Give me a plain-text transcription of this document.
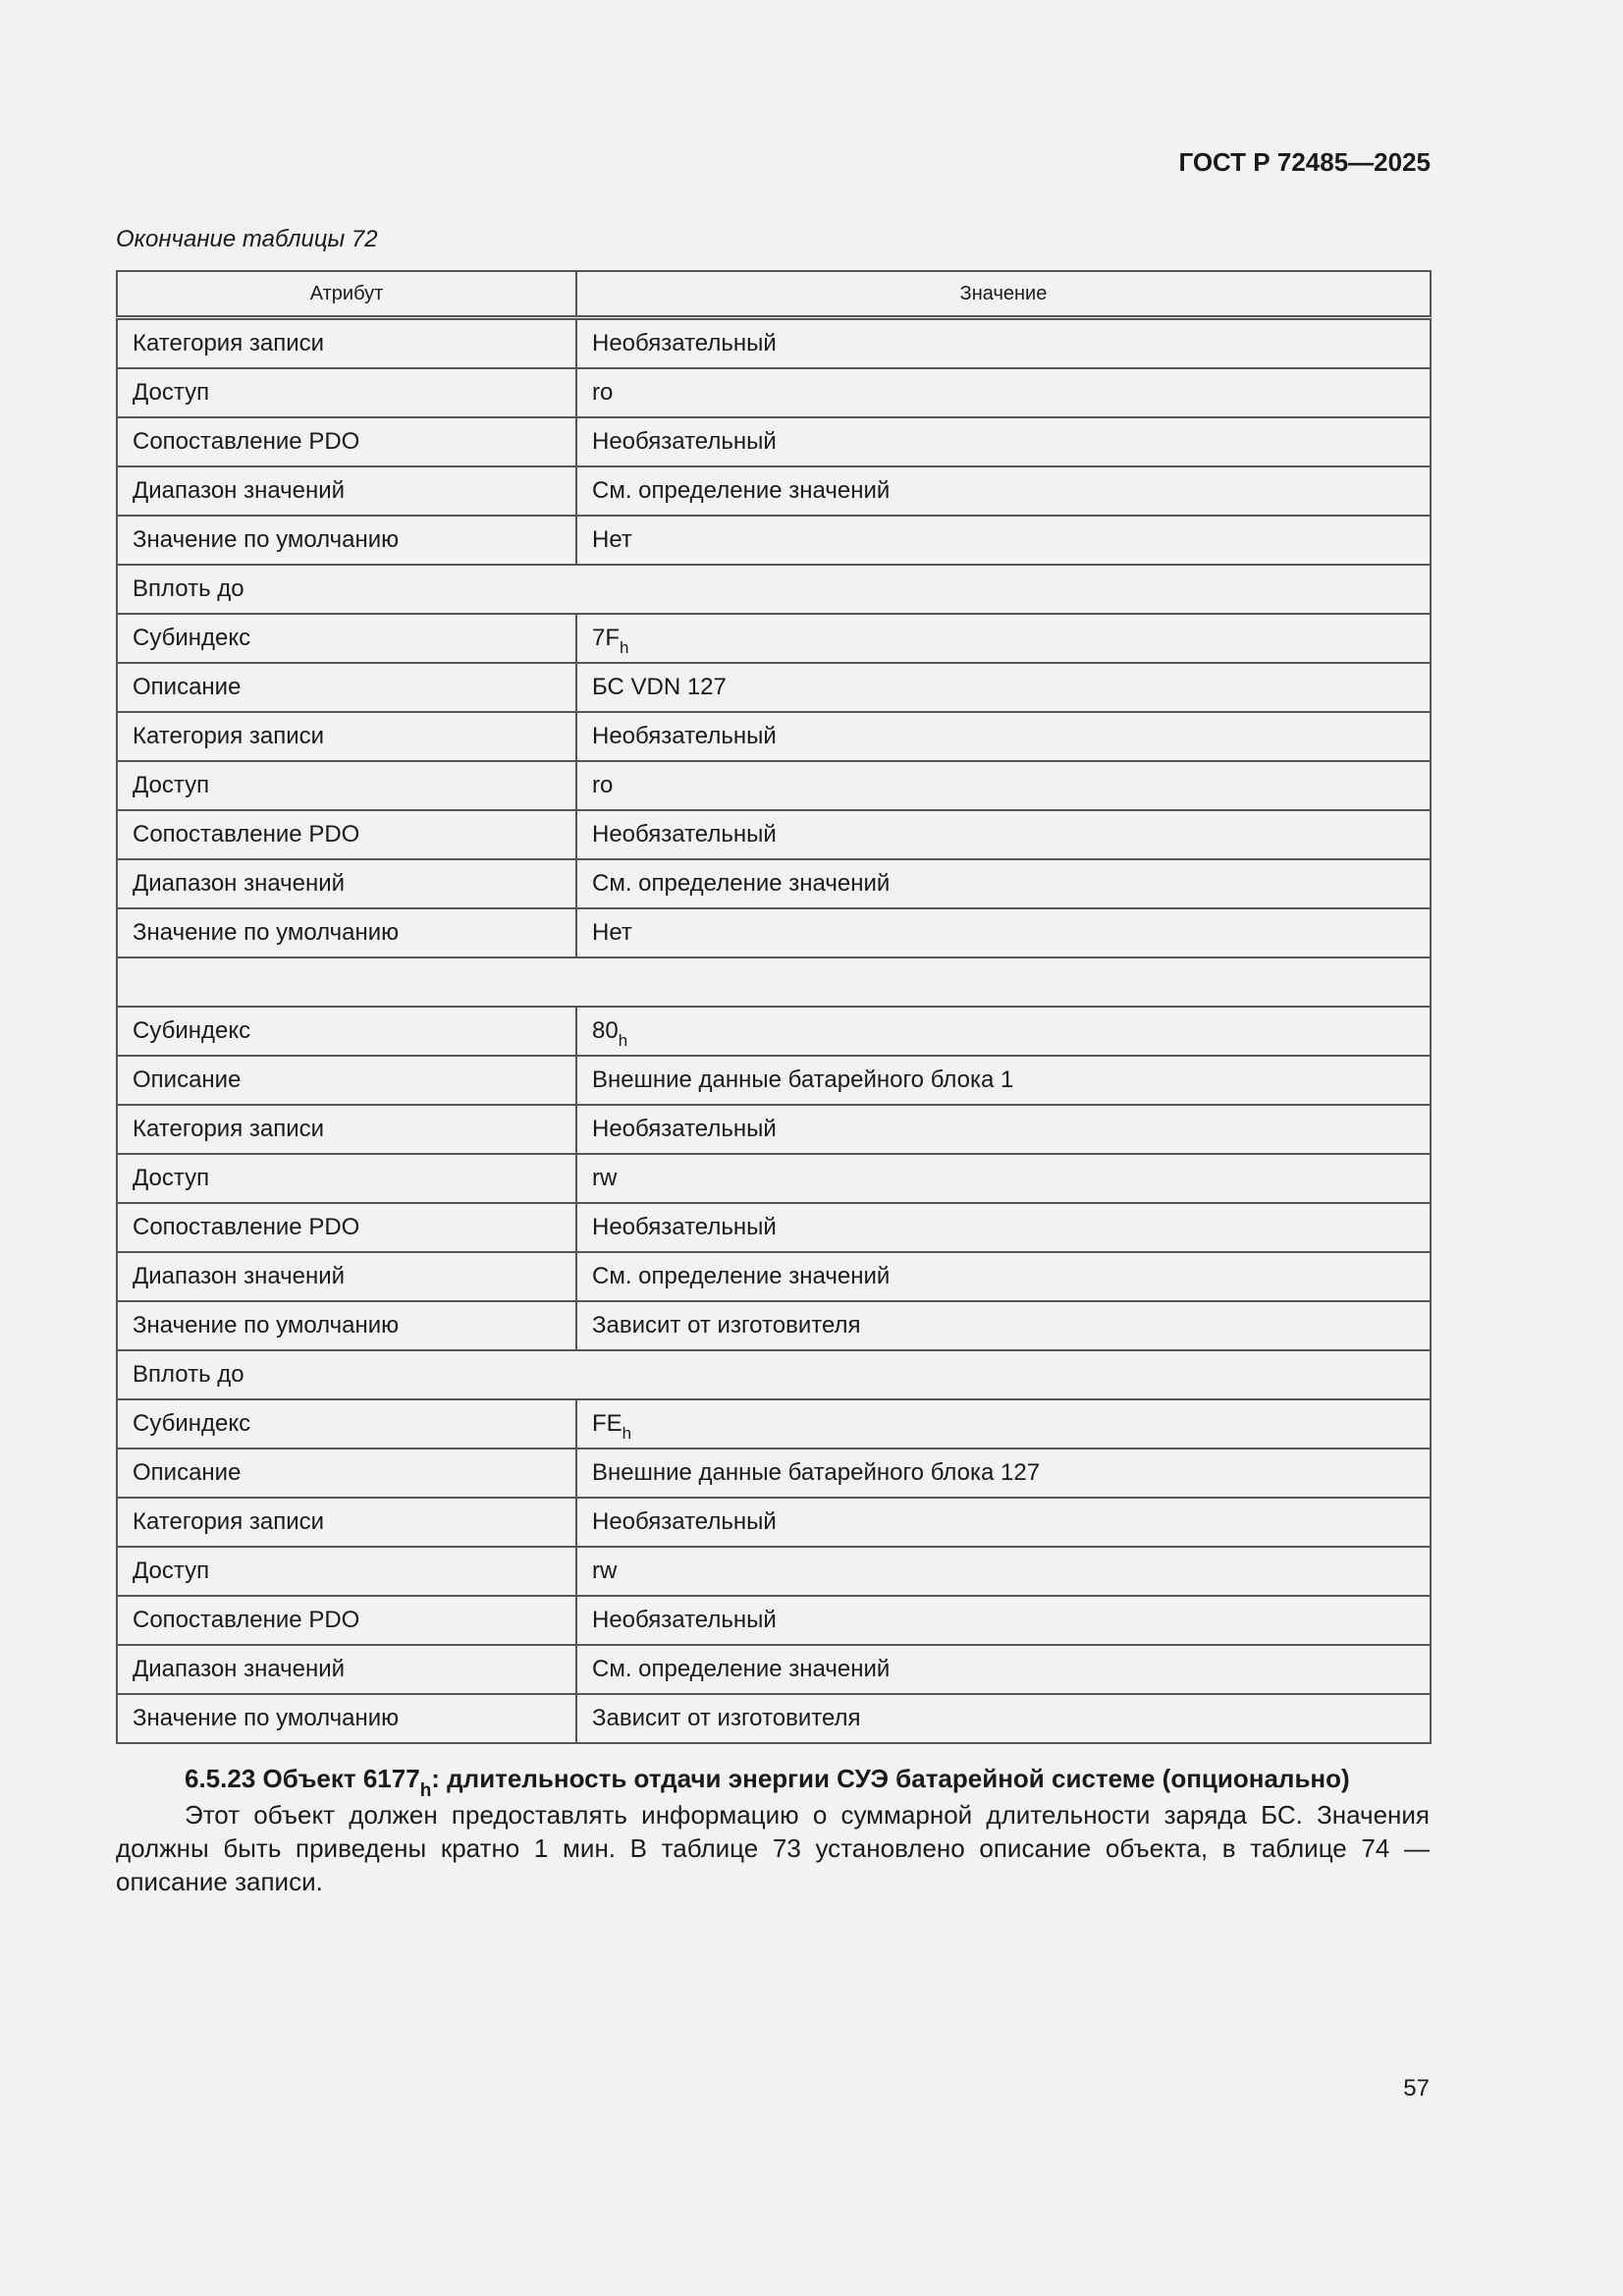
ГОСТ Р 72485—2025
Окончание таблицы 72
Атрибут	Значение
Категория записи	Необязательный
Доступ	ro
Сопоставление PDO	Необязательный
Диапазон значений	См. определение значений
Значение по умолчанию	Нет
Вплоть до	
Субиндекс	$7F_h$
Описание	БС VDN 127
Категория записи	Необязательный
Доступ	ro
Сопоставление PDO	Необязательный
Диапазон значений	См. определение значений
Значение по умолчанию	Нет

Субиндекс	$80_h$
Описание	Внешние данные батарейного блока 1
Категория записи	Необязательный
Доступ	rw
Сопоставление PDO	Необязательный
Диапазон значений	См. определение значений
Значение по умолчанию	Зависит от изготовителя
Вплоть до	
Субиндекс	$FE_h$
Описание	Внешние данные батарейного блока 127
Категория записи	Необязательный
Доступ	rw
Сопоставление PDO	Необязательный
Диапазон значений	См. определение значений
Значение по умолчанию	Зависит от изготовителя
6.5.23 Объект $6177_h$: длительность отдачи энергии СУЭ батарейной системе (опционально)

Этот объект должен предоставлять информацию о суммарной длительности заряда БС. Значения должны быть приведены кратно 1 мин. В таблице 73 установлено описание объекта, в таблице 74 — описание записи.

57
